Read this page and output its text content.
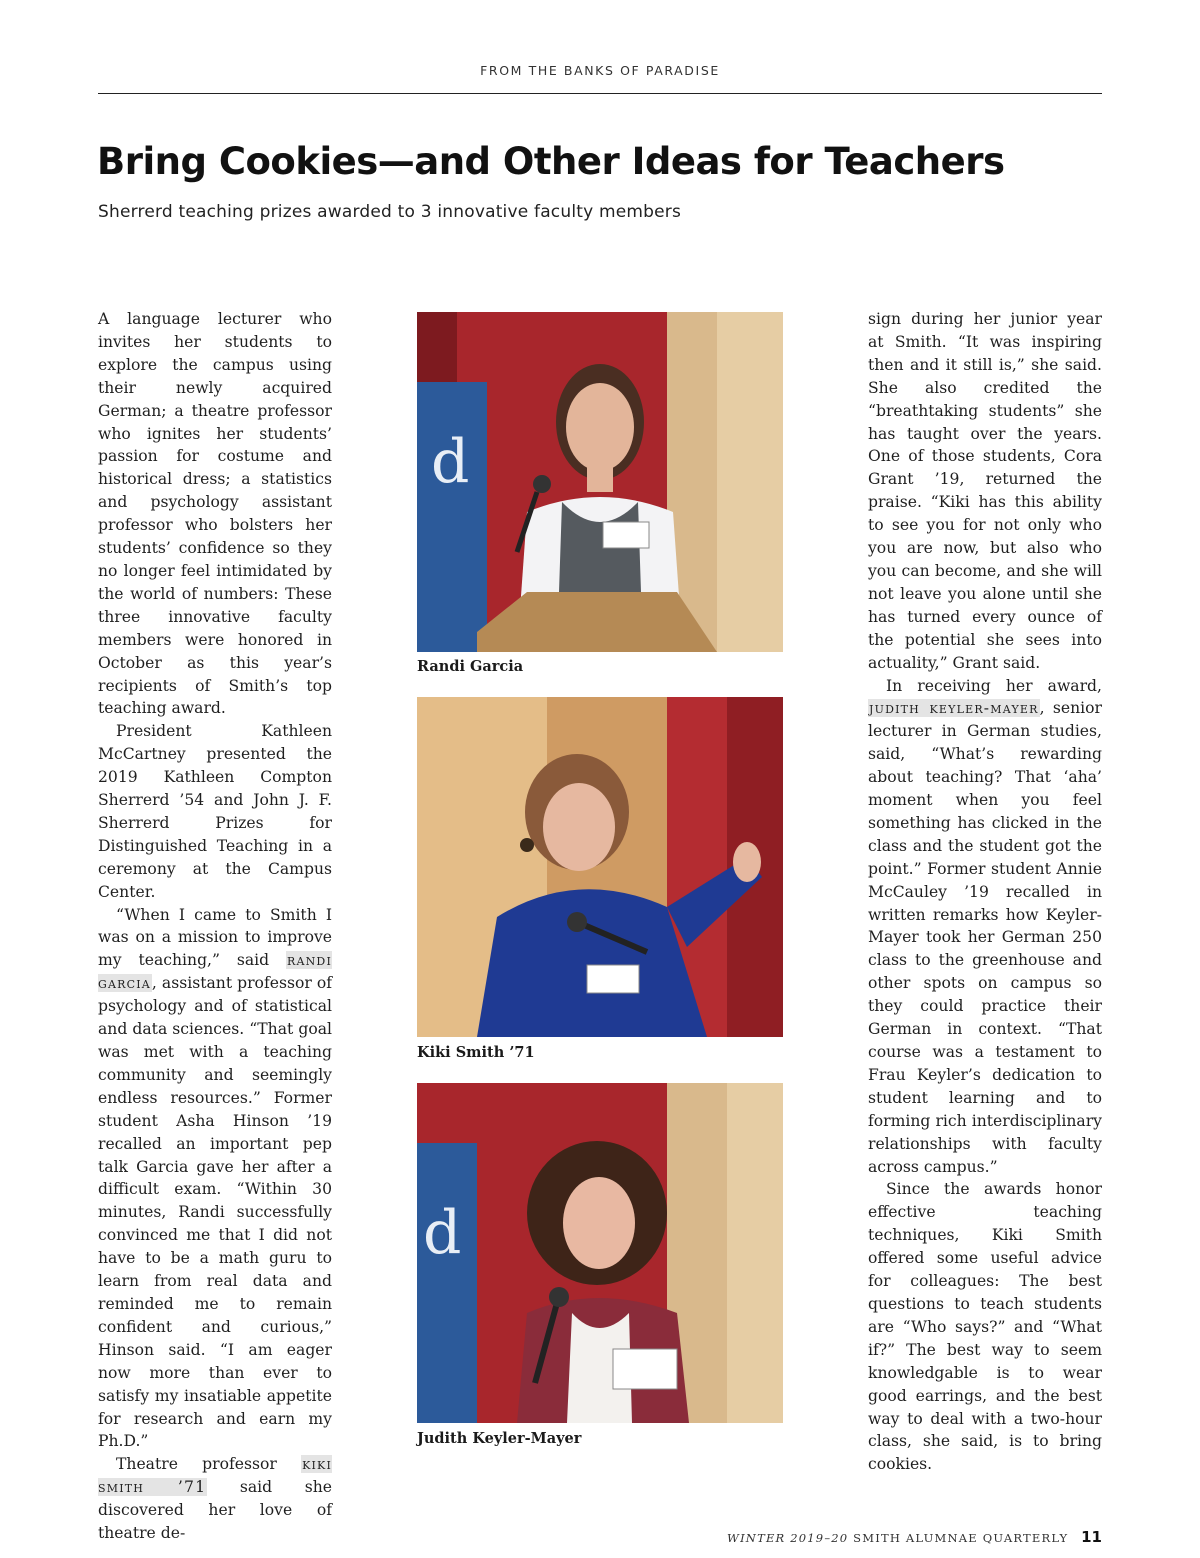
FROM THE BANKS OF PARADISE
Bring Cookies—and Other Ideas for Teachers

Sherrerd teaching prizes awarded to 3 innovative faculty members

A language lecturer who invites her students to explore the campus using their newly acquired German; a theatre professor who ignites her students’ passion for costume and historical dress; a statistics and psychology assistant professor who bolsters her students’ confidence so they no longer feel intimidated by the world of numbers: These three innovative faculty members were honored in October as this year’s recipients of Smith’s top teaching award.

President Kathleen McCartney presented the 2019 Kathleen Compton Sherrerd ’54 and John J. F. Sherrerd Prizes for Distinguished Teaching in a ceremony at the Campus Center.

“When I came to Smith I was on a mission to improve my teaching,” said randi garcia, assistant professor of psychology and of statistical and data sciences. “That goal was met with a teaching community and seemingly endless resources.” Former student Asha Hinson ’19 recalled an important pep talk Garcia gave her after a difficult exam. “Within 30 minutes, Randi successfully convinced me that I did not have to be a math guru to learn from real data and reminded me to remain confident and curious,” Hinson said. “I am eager now more than ever to satisfy my insatiable appetite for research and earn my Ph.D.”

Theatre professor kiki smith ’71 said she discovered her love of theatre de-

d
Randi Garcia
Kiki Smith ’71
d
Judith Keyler-Mayer

sign during her junior year at Smith. “It was inspiring then and it still is,” she said. She also credited the “breathtaking students” she has taught over the years. One of those students, Cora Grant ’19, returned the praise. “Kiki has this ability to see you for not only who you are now, but also who you can become, and she will not leave you alone until she has turned every ounce of the potential she sees into actuality,” Grant said.

In receiving her award, judith keyler-mayer, senior lecturer in German studies, said, “What’s rewarding about teaching? That ‘aha’ moment when you feel something has clicked in the class and the student got the point.” Former student Annie McCauley ’19 recalled in written remarks how Keyler-Mayer took her German 250 class to the greenhouse and other spots on campus so they could practice their German in context. “That course was a testament to Frau Keyler’s dedication to student learning and to forming rich interdisciplinary relationships with faculty across campus.”

Since the awards honor effective teaching techniques, Kiki Smith offered some useful advice for colleagues: The best questions to teach students are “Who says?” and “What if?” The best way to seem knowledgable is to wear good earrings, and the best way to deal with a two-hour class, she said, is to bring cookies.

WINTER 2019–20 SMITH ALUMNAE QUARTERLY 11
